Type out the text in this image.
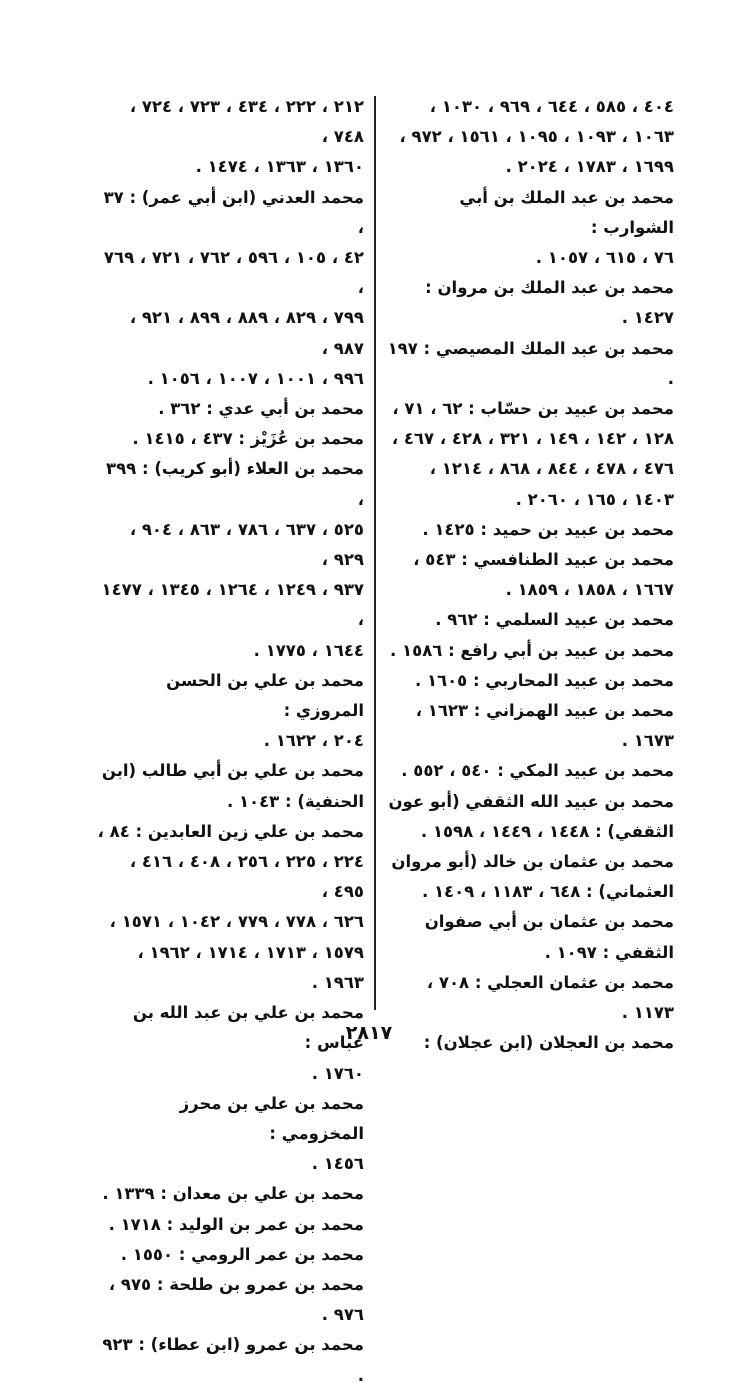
٤٠٤ ، ٥٨٥ ، ٦٤٤ ، ٩٦٩ ، ١٠٣٠ ،
١٠٦٣ ، ١٠٩٣ ، ١٠٩٥ ، ١٥٦١ ، ٩٧٢ ،
١٦٩٩ ، ١٧٨٣ ، ٢٠٢٤ .
محمد بن عبد الملك بن أبي الشوارب :
٧٦ ، ٦١٥ ، ١٠٥٧ .
محمد بن عبد الملك بن مروان :
١٤٢٧ .
محمد بن عبد الملك المصيصي : ١٩٧ .
محمد بن عبيد بن حسّاب : ٦٢ ، ٧١ ،
١٢٨ ، ١٤٢ ، ١٤٩ ، ٣٢١ ، ٤٢٨ ، ٤٦٧ ،
٤٧٦ ، ٤٧٨ ، ٨٤٤ ، ٨٦٨ ، ١٢١٤ ،
١٤٠٣ ، ١٦٥ ، ٢٠٦٠ .
محمد بن عبيد بن حميد : ١٤٢٥ .
محمد بن عبيد الطنافسي : ٥٤٣ ،
١٦٦٧ ، ١٨٥٨ ، ١٨٥٩ .
محمد بن عبيد السلمي : ٩٦٢ .
محمد بن عبيد بن أبي رافع : ١٥٨٦ .
محمد بن عبيد المحاربي : ١٦٠٥ .
محمد بن عبيد الهمزاني : ١٦٢٣ ،
١٦٧٣ .
محمد بن عبيد المكي : ٥٤٠ ، ٥٥٢ .
محمد بن عبيد الله الثقفي (أبو عون
الثقفي) : ١٤٤٨ ، ١٤٤٩ ، ١٥٩٨ .
محمد بن عثمان بن خالد (أبو مروان
العثماني) : ٦٤٨ ، ١١٨٣ ، ١٤٠٩ .
محمد بن عثمان بن أبي صفوان
الثقفي : ١٠٩٧ .
محمد بن عثمان العجلي : ٧٠٨ ،
١١٧٣ .
محمد بن العجلان (ابن عجلان) :
٢١٢ ، ٢٢٢ ، ٤٣٤ ، ٧٢٣ ، ٧٢٤ ، ٧٤٨ ،
١٣٦٠ ، ١٣٦٣ ، ١٤٧٤ .
محمد العدني (ابن أبي عمر) : ٣٧ ،
٤٢ ، ١٠٥ ، ٥٩٦ ، ٧٦٢ ، ٧٢١ ، ٧٦٩ ،
٧٩٩ ، ٨٢٩ ، ٨٨٩ ، ٨٩٩ ، ٩٢١ ، ٩٨٧ ،
٩٩٦ ، ١٠٠١ ، ١٠٠٧ ، ١٠٥٦ .
محمد بن أبي عدي : ٣٦٢ .
محمد بن عُزَيْز : ٤٣٧ ، ١٤١٥ .
محمد بن العلاء (أبو كريب) : ٣٩٩ ،
٥٢٥ ، ٦٣٧ ، ٧٨٦ ، ٨٦٣ ، ٩٠٤ ، ٩٢٩ ،
٩٣٧ ، ١٢٤٩ ، ١٢٦٤ ، ١٣٤٥ ، ١٤٧٧ ،
١٦٤٤ ، ١٧٧٥ .
محمد بن علي بن الحسن المروزي :
٢٠٤ ، ١٦٢٢ .
محمد بن علي بن أبي طالب (ابن
الحنفية) : ١٠٤٣ .
محمد بن علي زين العابدين : ٨٤ ،
٢٢٤ ، ٢٢٥ ، ٢٥٦ ، ٤٠٨ ، ٤١٦ ، ٤٩٥ ،
٦٢٦ ، ٧٧٨ ، ٧٧٩ ، ١٠٤٢ ، ١٥٧١ ،
١٥٧٩ ، ١٧١٣ ، ١٧١٤ ، ١٩٦٢ ، ١٩٦٣ .
محمد بن علي بن عبد الله بن عباس :
١٧٦٠ .
محمد بن علي بن محرز المخزومي :
١٤٥٦ .
محمد بن علي بن معدان : ١٣٣٩ .
محمد بن عمر بن الوليد : ١٧١٨ .
محمد بن عمر الرومي : ١٥٥٠ .
محمد بن عمرو بن طلحة : ٩٧٥ ،
٩٧٦ .
محمد بن عمرو (ابن عطاء) : ٩٢٣ .
٢٨١٧
